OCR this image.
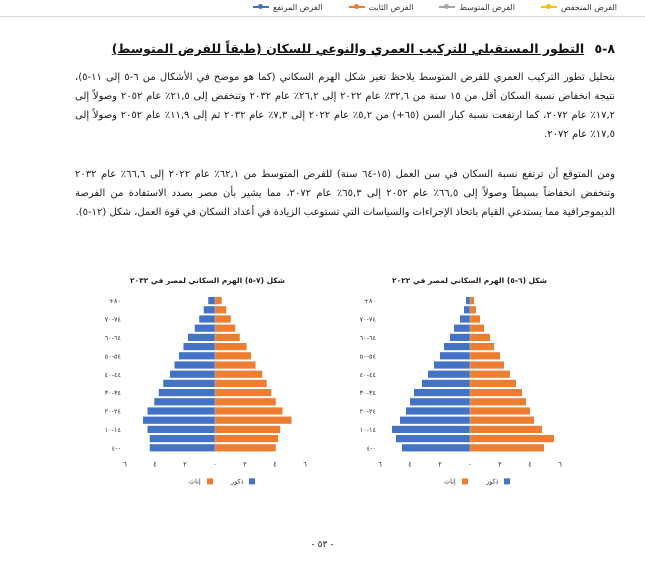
الفرض المنخفض
الفرض المتوسط
الفرض الثابت
الفرض المرتفع
٨-٥ التطور المستقبلي للتركيب العمري والنوعي للسكان (طبقاً للفرض المتوسط)
بتحليل تطور التركيب العمري للفرض المتوسط يلاحظ تغير شكل الهرم السكاني (كما هو موضح في الأشكال من ٦-٥ إلى ١١-٥)، نتيجة انخفاض نسبة السكان أقل من ١٥ سنة من ٣٢,٦٪ عام ٢٠٢٢ إلى ٢٦,٢٪ عام ٢٠٣٢ وتنخفض إلى ٢١,٥٪ عام ٢٠٥٢ وصولاً إلى ١٧,٢٪ عام ٢٠٧٢، كما ارتفعت نسبة كبار السن (٦٥+) من ٥,٢٪ عام ٢٠٢٢ إلى ٧,٣٪ عام ٢٠٣٢ ثم إلى ١١,٩٪ عام ٢٠٥٢ وصولاً إلى ١٧,٥٪ عام ٢٠٧٢.
ومن المتوقع أن ترتفع نسبة السكان في سن العمل (١٥-٦٤ سنة) للفرض المتوسط من ٦٢,١٪ عام ٢٠٢٢ إلى ٦٦,٦٪ عام ٢٠٣٢ وتنخفض انخفاضاً بسيطاً وصولاً إلى ٦٦,٥٪ عام ٢٠٥٢ إلى ٦٥,٣٪ عام ٢٠٧٢، مما يشير بأن مصر بصدد الاستفادة من الفرصة الديموجرافية مما يستدعي القيام باتخاذ الإجراءات والسياسات التي تستوعب الزيادة في أعداد السكان في قوة العمل، شكل (١٢-٥).
شكل (٧-٥) الهرم السكاني لمصر في ٢٠٣٢	شكل (٦-٥) الهرم السكاني لمصر في ٢٠٢٢
٠-٤
١٤-١٠
٢٤-٢٠
٣٤-٣٠
٤٤-٤٠
٥٤-٥٠
٦٤-٦٠
٧٤-٧٠
+٨٠
٦	٤	٢	٠	٢	٤	٦
إناث	ذكور
٠-٤
١٤-١٠
٢٤-٢٠
٣٤-٣٠
٤٤-٤٠
٥٤-٥٠
٦٤-٦٠
٧٤-٧٠
+٨٠
٦	٤	٢	٠	٢	٤	٦
إناث	ذكور
- ٥٣ -
